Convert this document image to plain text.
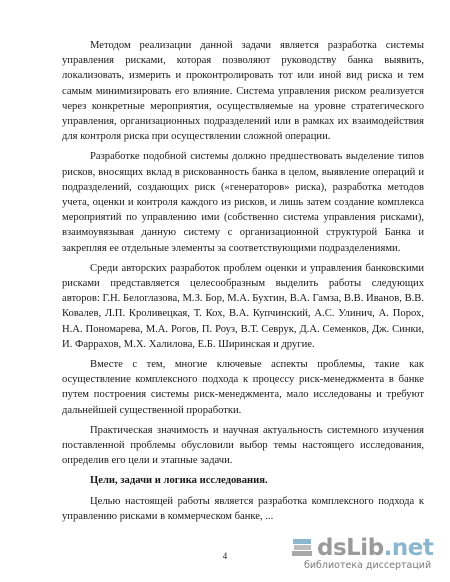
Методом реализации данной задачи является разработка системы управления рисками, которая позволяют руководству банка выявить, локализовать, измерить и проконтролировать тот или иной вид риска и тем самым минимизировать его влияние. Система управления риском реализуется через конкретные мероприятия, осуществляемые на уровне стратегического управления, организационных подразделений или в рамках их взаимодействия для контроля риска при осуществлении сложной операции.

Разработке подобной системы должно предшествовать выделение типов рисков, вносящих вклад в рискованность банка в целом, выявление операций и подразделений, создающих риск («генераторов» риска), разработка методов учета, оценки и контроля каждого из рисков, и лишь затем создание комплекса мероприятий по управлению ими (собственно система управления рисками), взаимоувязывая данную систему с организационной структурой Банка и закрепляя ее отдельные элементы за соответствующими подразделениями.

Среди авторских разработок проблем оценки и управления банковскими рисками представляется целесообразным выделить работы следующих авторов: Г.Н. Белоглазова, М.З. Бор, М.А. Бухтин, В.А. Гамза, В.В. Иванов, В.В. Ковалев, Л.П. Кроливецкая, Т. Кох, В.А. Купчинский, А.С. Улинич, А. Порох, Н.А. Пономарева, М.А. Рогов, П. Роуз, В.Т. Севрук, Д.А. Семенков, Дж. Синки, И. Фаррахов, М.Х. Халилова, Е.Б. Ширинская и другие.

Вместе с тем, многие ключевые аспекты проблемы, такие как осуществление комплексного подхода к процессу риск-менеджмента в банке путем построения системы риск-менеджмента, мало исследованы и требуют дальнейшей существенной проработки.

Практическая значимость и научная актуальность системного изучения поставленной проблемы обусловили выбор темы настоящего исследования, определив его цели и этапные задачи.

Цели, задачи и логика исследования.

Целью настоящей работы является разработка комплексного подхода к управлению рисками в коммерческом банке, ...

4	dsLib.net
библиотека диссертаций
